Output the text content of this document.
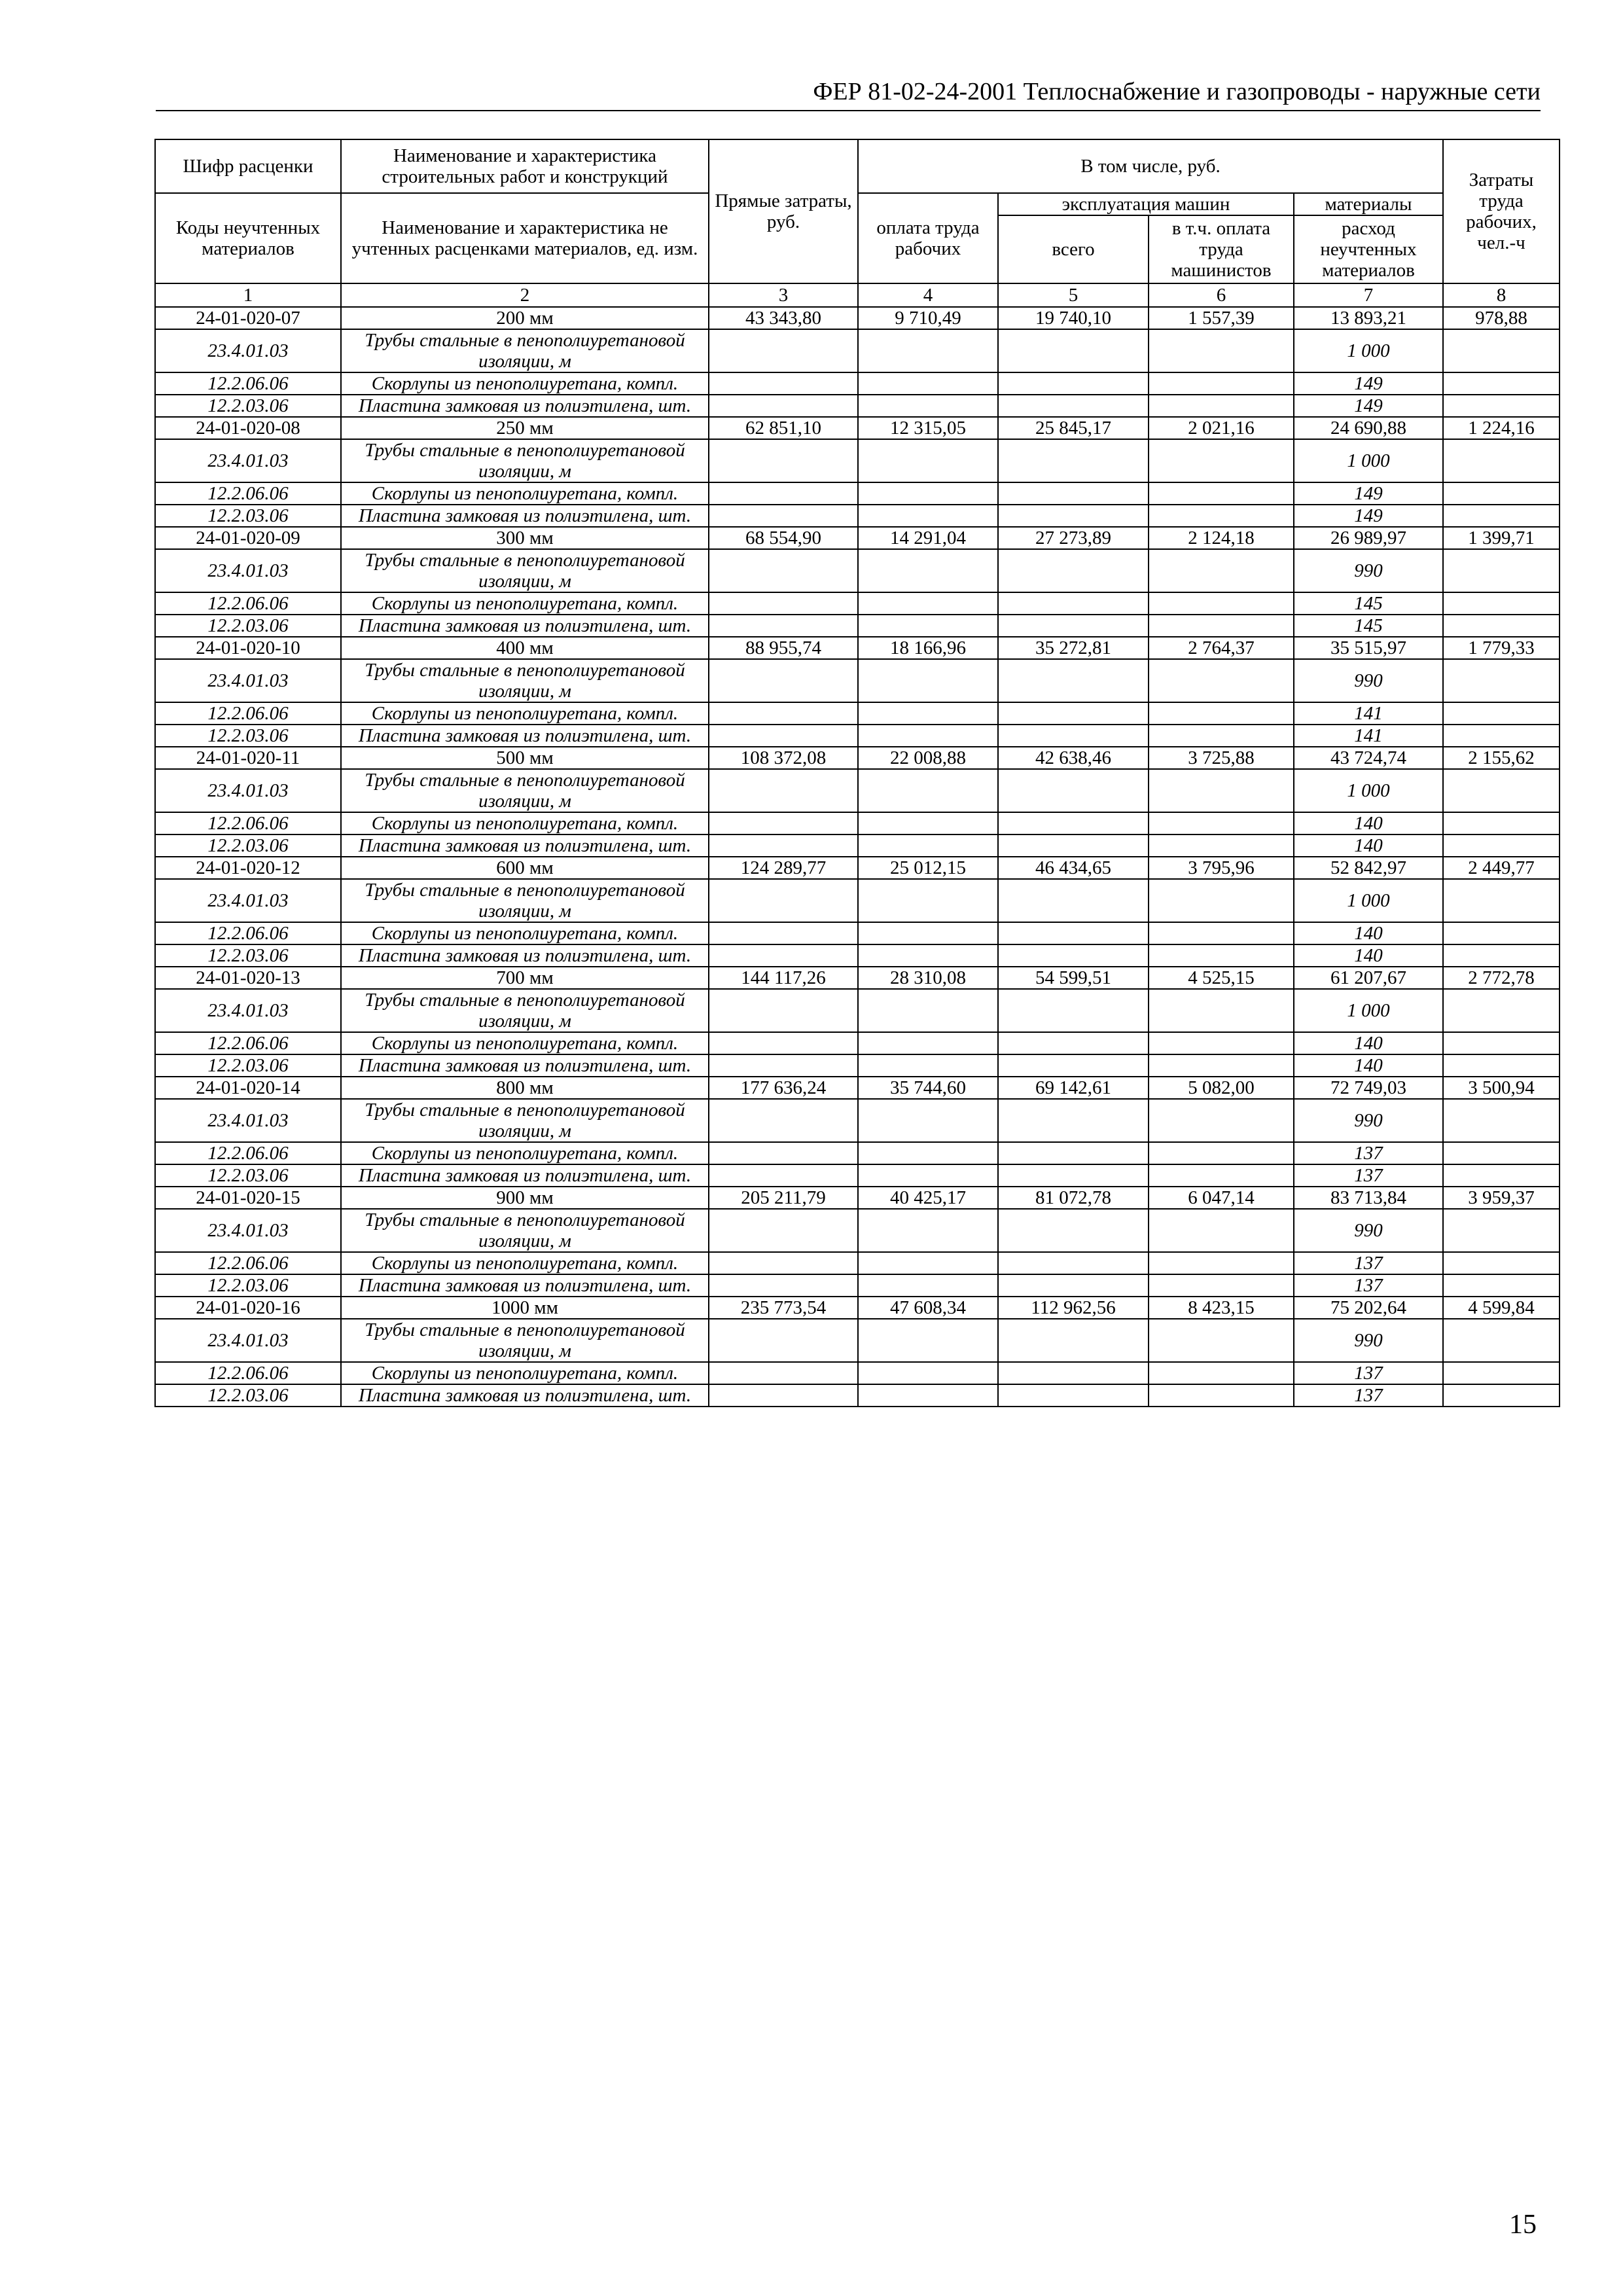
ФЕР 81-02-24-2001 Теплоснабжение и газопроводы - наружные сети
Шифр расценки	Наименование и характеристика строительных работ и конструкций	Прямые затраты, руб.	В том числе, руб.				Затраты труда рабочих, чел.-ч
Коды неучтенных материалов	Наименование и характеристика не учтенных расценками материалов, ед. изм.						
			оплата труда рабочих	эксплуатация машин		материалы	
				всего	в т.ч. оплата труда машинистов	расход неучтенных материалов	
1	2	3	4	5	6	7	8
24-01-020-07	200 мм	43 343,80	9 710,49	19 740,10	1 557,39	13 893,21	978,88
23.4.01.03	Трубы стальные в пенополиуретановой изоляции, м					1 000	
12.2.06.06	Скорлупы из пенополиуретана, компл.					149	
12.2.03.06	Пластина замковая из полиэтилена, шт.					149	
24-01-020-08	250 мм	62 851,10	12 315,05	25 845,17	2 021,16	24 690,88	1 224,16
23.4.01.03	Трубы стальные в пенополиуретановой изоляции, м					1 000	
12.2.06.06	Скорлупы из пенополиуретана, компл.					149	
12.2.03.06	Пластина замковая из полиэтилена, шт.					149	
24-01-020-09	300 мм	68 554,90	14 291,04	27 273,89	2 124,18	26 989,97	1 399,71
23.4.01.03	Трубы стальные в пенополиуретановой изоляции, м					990	
12.2.06.06	Скорлупы из пенополиуретана, компл.					145	
12.2.03.06	Пластина замковая из полиэтилена, шт.					145	
24-01-020-10	400 мм	88 955,74	18 166,96	35 272,81	2 764,37	35 515,97	1 779,33
23.4.01.03	Трубы стальные в пенополиуретановой изоляции, м					990	
12.2.06.06	Скорлупы из пенополиуретана, компл.					141	
12.2.03.06	Пластина замковая из полиэтилена, шт.					141	
24-01-020-11	500 мм	108 372,08	22 008,88	42 638,46	3 725,88	43 724,74	2 155,62
23.4.01.03	Трубы стальные в пенополиуретановой изоляции, м					1 000	
12.2.06.06	Скорлупы из пенополиуретана, компл.					140	
12.2.03.06	Пластина замковая из полиэтилена, шт.					140	
24-01-020-12	600 мм	124 289,77	25 012,15	46 434,65	3 795,96	52 842,97	2 449,77
23.4.01.03	Трубы стальные в пенополиуретановой изоляции, м					1 000	
12.2.06.06	Скорлупы из пенополиуретана, компл.					140	
12.2.03.06	Пластина замковая из полиэтилена, шт.					140	
24-01-020-13	700 мм	144 117,26	28 310,08	54 599,51	4 525,15	61 207,67	2 772,78
23.4.01.03	Трубы стальные в пенополиуретановой изоляции, м					1 000	
12.2.06.06	Скорлупы из пенополиуретана, компл.					140	
12.2.03.06	Пластина замковая из полиэтилена, шт.					140	
24-01-020-14	800 мм	177 636,24	35 744,60	69 142,61	5 082,00	72 749,03	3 500,94
23.4.01.03	Трубы стальные в пенополиуретановой изоляции, м					990	
12.2.06.06	Скорлупы из пенополиуретана, компл.					137	
12.2.03.06	Пластина замковая из полиэтилена, шт.					137	
24-01-020-15	900 мм	205 211,79	40 425,17	81 072,78	6 047,14	83 713,84	3 959,37
23.4.01.03	Трубы стальные в пенополиуретановой изоляции, м					990	
12.2.06.06	Скорлупы из пенополиуретана, компл.					137	
12.2.03.06	Пластина замковая из полиэтилена, шт.					137	
24-01-020-16	1000 мм	235 773,54	47 608,34	112 962,56	8 423,15	75 202,64	4 599,84
23.4.01.03	Трубы стальные в пенополиуретановой изоляции, м					990	
12.2.06.06	Скорлупы из пенополиуретана, компл.					137	
12.2.03.06	Пластина замковая из полиэтилена, шт.					137	
15
